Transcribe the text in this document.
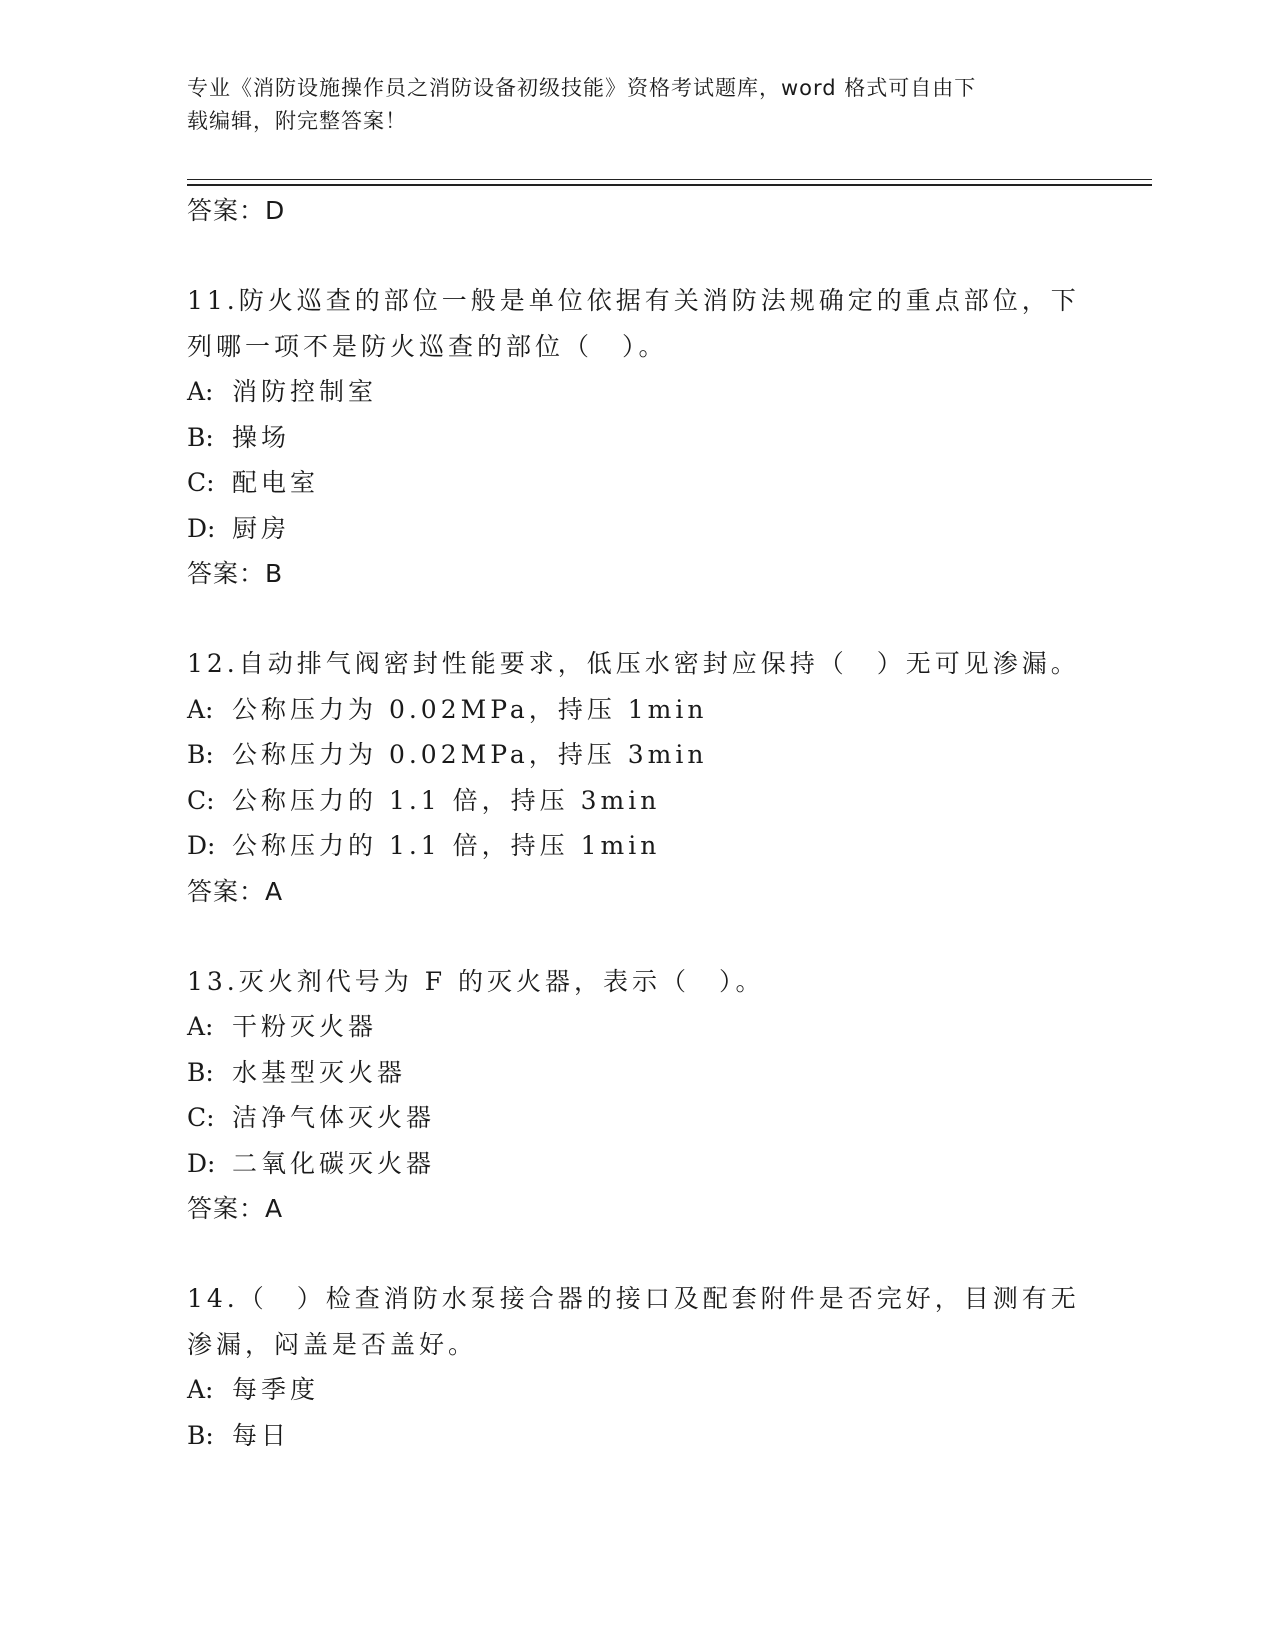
专业《消防设施操作员之消防设备初级技能》资格考试题库，word 格式可自由下
载编辑，附完整答案！
答案：D
11.防火巡查的部位一般是单位依据有关消防法规确定的重点部位，下
列哪一项不是防火巡查的部位（　）。
A: 消防控制室
B: 操场
C: 配电室
D: 厨房
答案：B
12.自动排气阀密封性能要求，低压水密封应保持（　）无可见渗漏。
A: 公称压力为 0.02MPa，持压 1min
B: 公称压力为 0.02MPa，持压 3min
C: 公称压力的 1.1 倍，持压 3min
D: 公称压力的 1.1 倍，持压 1min
答案：A
13.灭火剂代号为 F 的灭火器，表示（　）。
A: 干粉灭火器
B: 水基型灭火器
C: 洁净气体灭火器
D: 二氧化碳灭火器
答案：A
14.（　）检查消防水泵接合器的接口及配套附件是否完好，目测有无
渗漏，闷盖是否盖好。
A: 每季度
B: 每日
